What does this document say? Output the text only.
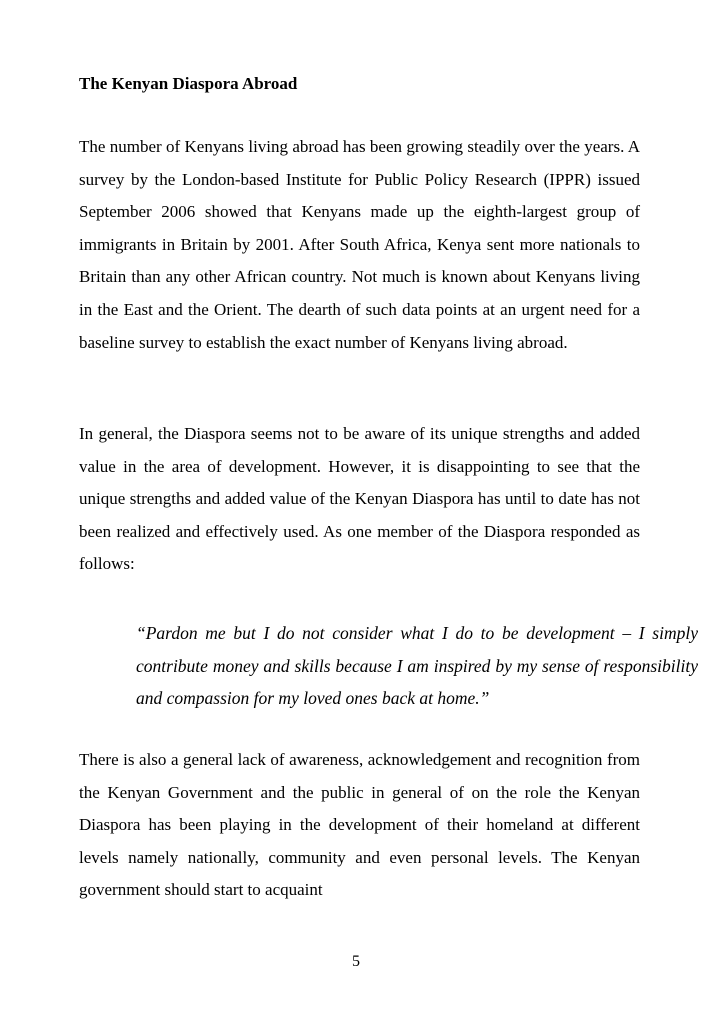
The Kenyan Diaspora Abroad

The number of Kenyans living abroad has been growing steadily over the years. A survey by the London-based Institute for Public Policy Research (IPPR) issued September 2006 showed that Kenyans made up the eighth-largest group of immigrants in Britain by 2001. After South Africa, Kenya sent more nationals to Britain than any other African country. Not much is known about Kenyans living in the East and the Orient. The dearth of such data points at an urgent need for a baseline survey to establish the exact number of Kenyans living abroad.

In general, the Diaspora seems not to be aware of its unique strengths and added value in the area of development. However, it is disappointing to see that the unique strengths and added value of the Kenyan Diaspora has until to date has not been realized and effectively used. As one member of the Diaspora responded as follows:

“Pardon me but I do not consider what I do to be development – I simply contribute money and skills because I am inspired by my sense of responsibility and compassion for my loved ones back at home.”

There is also a general lack of awareness, acknowledgement and recognition from the Kenyan Government and the public in general of on the role the Kenyan Diaspora has been playing in the development of their homeland at different levels namely nationally, community and even personal levels. The Kenyan government should start to acquaint

5
